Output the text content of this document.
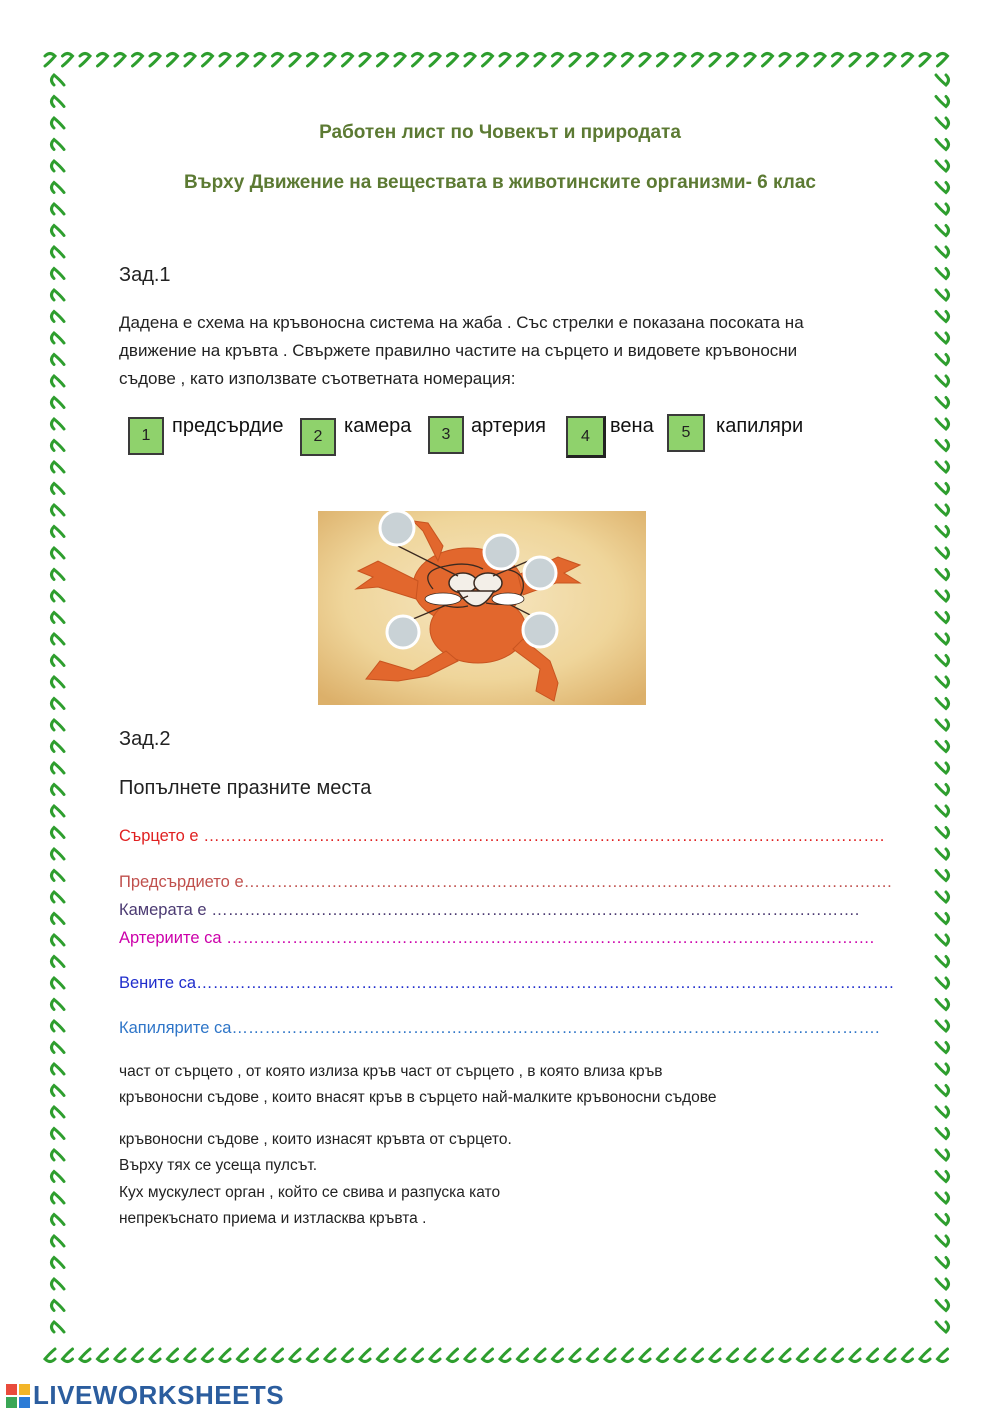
Работен лист по Човекът и природата
Върху Движение на веществата в животинските организми- 6 клас
Зад.1
Дадена е схема на кръвоносна система на жаба . Със стрелки е показана посоката на
движение на кръвта . Свържете правилно частите на сърцето и видовете кръвоносни
съдове , като използвате съответната номерация:
1 предсърдие 2 камера 3 артерия 4 вена 5 капиляри
Зад.2
Попълнете празните места
Сърцето е …………………………………………………………………………………………………………….
Предсърдието е……………………………………………………………………………………………………….
Камерата е ……………………………………………………………………………………………………….
Артериите са ……………………………………………………………………………………………………….
Вените са……………………………………………………………………………………………………………….
Капилярите са……………………………………………………………………………………………………….
част от сърцето , от която излиза кръв част от сърцето , в която влиза кръв
кръвоносни съдове , които внасят кръв в сърцето най-малките кръвоносни съдове
кръвоносни съдове , които изнасят кръвта от сърцето.
Върху тях се усеща пулсът.
Кух мускулест орган , който се свива и разпуска като
непрекъснато приема и изтласква кръвта .
LIVEWORKSHEETS
